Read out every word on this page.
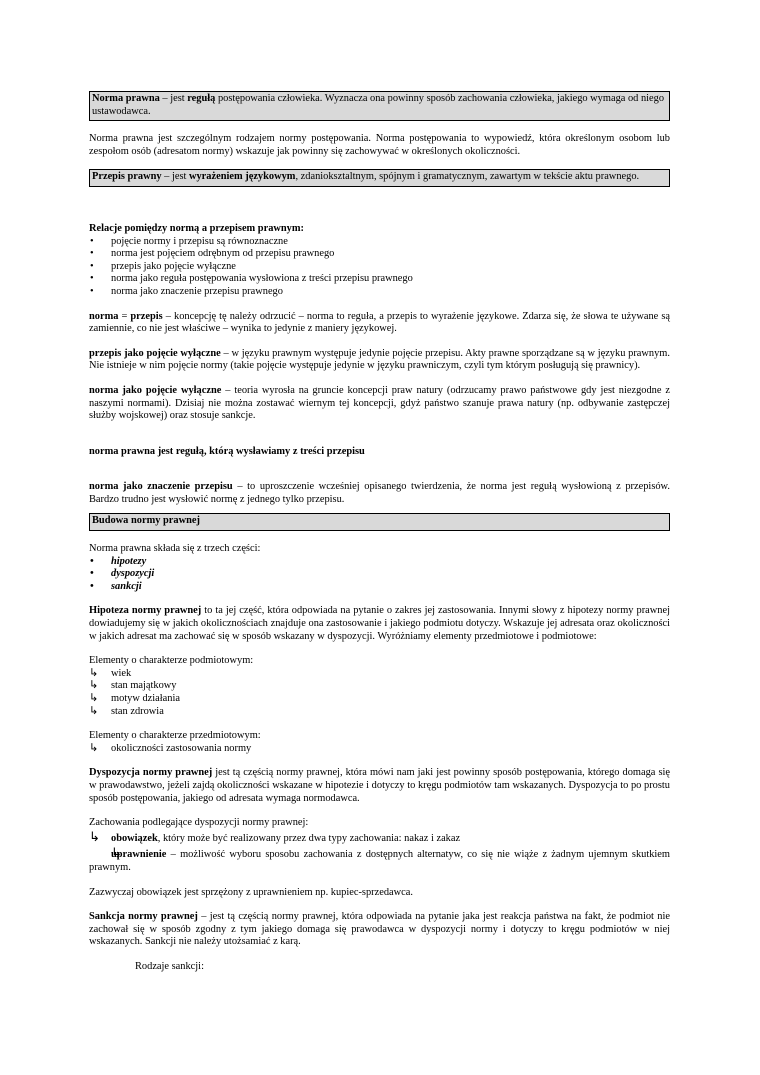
Norma prawna – jest regułą postępowania człowieka. Wyznacza ona powinny sposób zachowania człowieka, jakiego wymaga od niego ustawodawca.

Norma prawna jest szczególnym rodzajem normy postępowania. Norma postępowania to wypowiedź, która określonym osobom lub zespołom osób (adresatom normy) wskazuje jak powinny się zachowywać w określonych okoliczności.

Przepis prawny – jest wyrażeniem językowym, zdanioksztaltnym, spójnym i gramatycznym, zawartym w tekście aktu prawnego.

Relacje pomiędzy normą a przepisem prawnym:

• pojęcie normy i przepisu są równoznaczne
• norma jest pojęciem odrębnym od przepisu prawnego
• przepis jako pojęcie wyłączne
• norma jako reguła postępowania wysłowiona z treści przepisu prawnego
• norma jako znaczenie przepisu prawnego

norma = przepis – koncepcję tę należy odrzucić – norma to reguła, a przepis to wyrażenie językowe. Zdarza się, że słowa te używane są zamiennie, co nie jest właściwe – wynika to jedynie z maniery językowej.

przepis jako pojęcie wyłączne – w języku prawnym występuje jedynie pojęcie przepisu. Akty prawne sporządzane są w języku prawnym. Nie istnieje w nim pojęcie normy (takie pojęcie występuje jedynie w języku prawniczym, czyli tym którym posługują się prawnicy).

norma jako pojęcie wyłączne – teoria wyrosła na gruncie koncepcji praw natury (odrzucamy prawo państwowe gdy jest niezgodne z naszymi normami). Dzisiaj nie można zostawać wiernym tej koncepcji, gdyż państwo szanuje prawa natury (np. odbywanie zastępczej służby wojskowej) oraz stosuje sankcje.

norma prawna jest regułą, którą wysławiamy z treści przepisu

norma jako znaczenie przepisu – to uproszczenie wcześniej opisanego twierdzenia, że norma jest regułą wysłowioną z przepisów. Bardzo trudno jest wysłowić normę z jednego tylko przepisu.

Budowa normy prawnej

Norma prawna składa się z trzech części:

• hipotezy
• dyspozycji
• sankcji

Hipoteza normy prawnej to ta jej część, która odpowiada na pytanie o zakres jej zastosowania. Innymi słowy z hipotezy normy prawnej dowiadujemy się w jakich okolicznościach znajduje ona zastosowanie i jakiego podmiotu dotyczy. Wskazuje jej adresata oraz okoliczności w jakich adresat ma zachować się w sposób wskazany w dyspozycji. Wyróżniamy elementy przedmiotowe i podmiotowe:

Elementy o charakterze podmiotowym:

↳ wiek
↳ stan majątkowy
↳ motyw działania
↳ stan zdrowia

Elementy o charakterze przedmiotowym:

↳ okoliczności zastosowania normy

Dyspozycja normy prawnej jest tą częścią normy prawnej, która mówi nam jaki jest powinny sposób postępowania, którego domaga się w prawodawstwo, jeżeli zajdą okoliczności wskazane w hipotezie i dotyczy to kręgu podmiotów tam wskazanych. Dyspozycja to po prostu sposób postępowania, jakiego od adresata wymaga normodawca.

Zachowania podlegające dyspozycji normy prawnej:

↳ obowiązek, który może być realizowany przez dwa typy zachowania: nakaz i zakaz
↳ uprawnienie – możliwość wyboru sposobu zachowania z dostępnych alternatyw, co się nie wiąże z żadnym ujemnym skutkiem prawnym.

Zazwyczaj obowiązek jest sprzężony z uprawnieniem np. kupiec-sprzedawca.

Sankcja normy prawnej – jest tą częścią normy prawnej, która odpowiada na pytanie jaka jest reakcja państwa na fakt, że podmiot nie zachował się w sposób zgodny z tym jakiego domaga się prawodawca w dyspozycji normy i dotyczy to kręgu podmiotów w niej wskazanych. Sankcji nie należy utożsamiać z karą.

Rodzaje sankcji:
